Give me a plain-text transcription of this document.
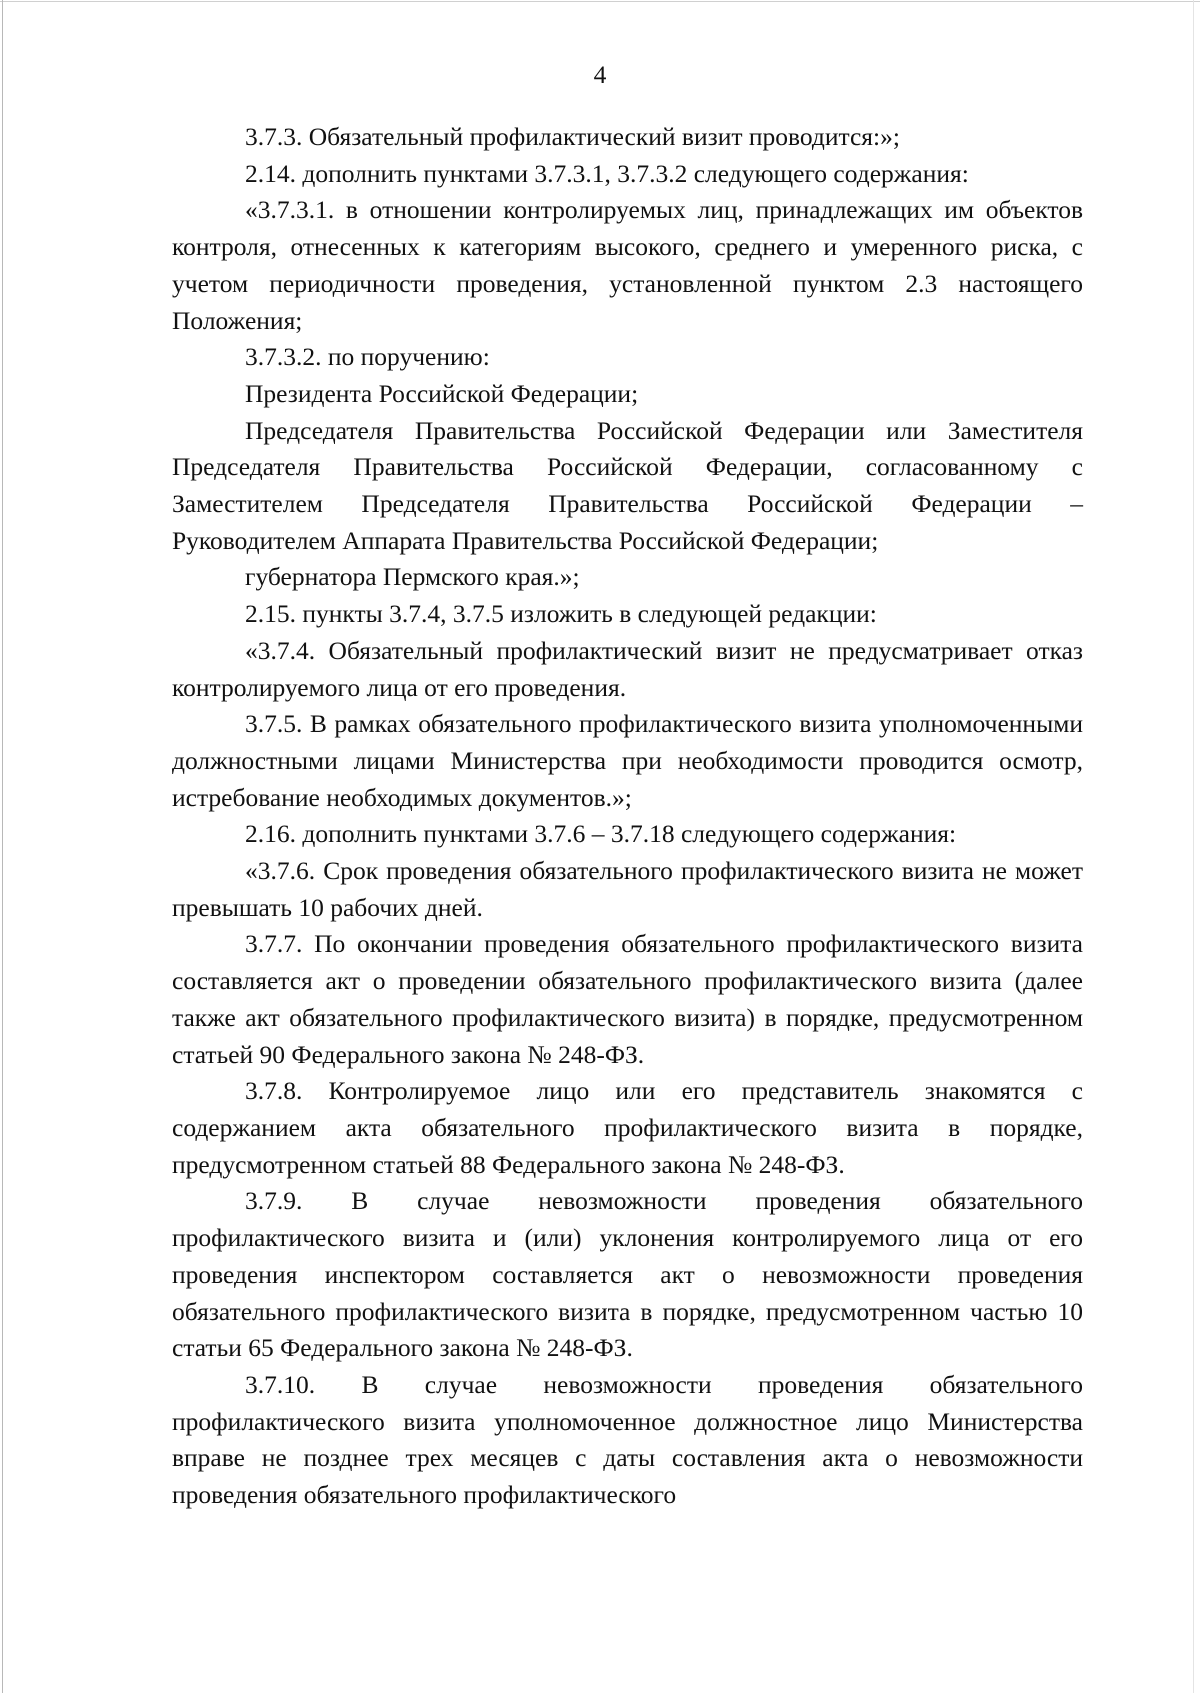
4

3.7.3. Обязательный профилактический визит проводится:»;

2.14. дополнить пунктами 3.7.3.1, 3.7.3.2 следующего содержания:

«3.7.3.1. в отношении контролируемых лиц, принадлежащих им объектов контроля, отнесенных к категориям высокого, среднего и умеренного риска, с учетом периодичности проведения, установленной пунктом 2.3 настоящего Положения;

3.7.3.2. по поручению:

Президента Российской Федерации;

Председателя Правительства Российской Федерации или Заместителя Председателя Правительства Российской Федерации, согласованному с Заместителем Председателя Правительства Российской Федерации – Руководителем Аппарата Правительства Российской Федерации;

губернатора Пермского края.»;

2.15. пункты 3.7.4, 3.7.5 изложить в следующей редакции:

«3.7.4. Обязательный профилактический визит не предусматривает отказ контролируемого лица от его проведения.

3.7.5. В рамках обязательного профилактического визита уполномоченными должностными лицами Министерства при необходимости проводится осмотр, истребование необходимых документов.»;

2.16. дополнить пунктами 3.7.6 – 3.7.18 следующего содержания:

«3.7.6. Срок проведения обязательного профилактического визита не может превышать 10 рабочих дней.

3.7.7. По окончании проведения обязательного профилактического визита составляется акт о проведении обязательного профилактического визита (далее также акт обязательного профилактического визита) в порядке, предусмотренном статьей 90 Федерального закона № 248-ФЗ.

3.7.8. Контролируемое лицо или его представитель знакомятся с содержанием акта обязательного профилактического визита в порядке, предусмотренном статьей 88 Федерального закона № 248-ФЗ.

3.7.9. В случае невозможности проведения обязательного профилактического визита и (или) уклонения контролируемого лица от его проведения инспектором составляется акт о невозможности проведения обязательного профилактического визита в порядке, предусмотренном частью 10 статьи 65 Федерального закона № 248-ФЗ.

3.7.10. В случае невозможности проведения обязательного профилактического визита уполномоченное должностное лицо Министерства вправе не позднее трех месяцев с даты составления акта о невозможности проведения обязательного профилактического
